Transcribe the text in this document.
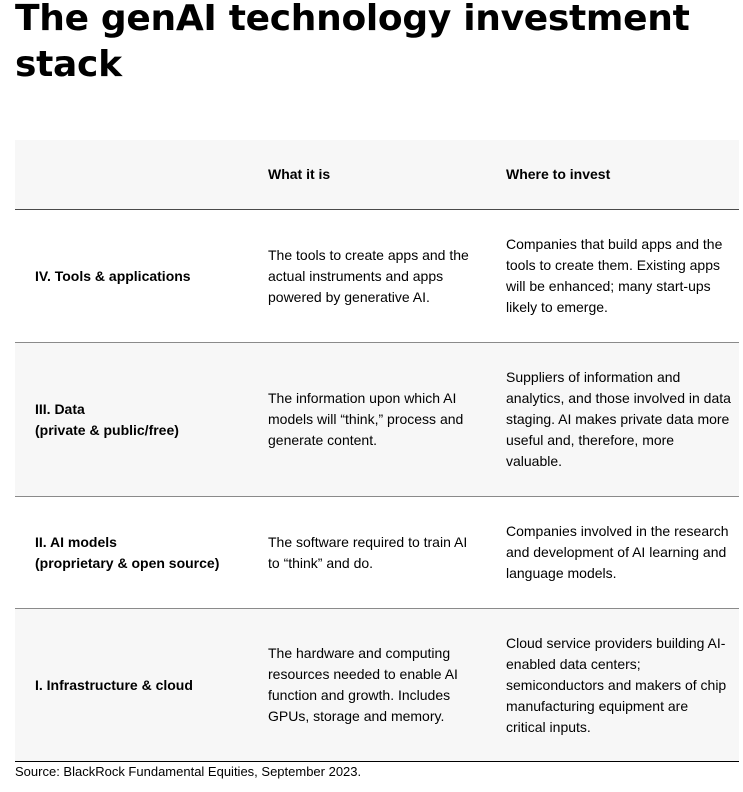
The genAI technology investment stack
What it is	Where to invest
IV. Tools & applications
The tools to create apps and the actual instruments and apps powered by generative AI.
Companies that build apps and the tools to create them. Existing apps will be enhanced; many start-ups likely to emerge.
III. Data
(private & public/free)
The information upon which AI models will “think,” process and generate content.
Suppliers of information and analytics, and those involved in data staging. AI makes private data more useful and, therefore, more valuable.
II. AI models
(proprietary & open source)
The software required to train AI to “think” and do.
Companies involved in the research and development of AI learning and language models.
I. Infrastructure & cloud
The hardware and computing resources needed to enable AI function and growth. Includes GPUs, storage and memory.
Cloud service providers building AI-enabled data centers; semiconductors and makers of chip manufacturing equipment are critical inputs.
Source: BlackRock Fundamental Equities, September 2023.
